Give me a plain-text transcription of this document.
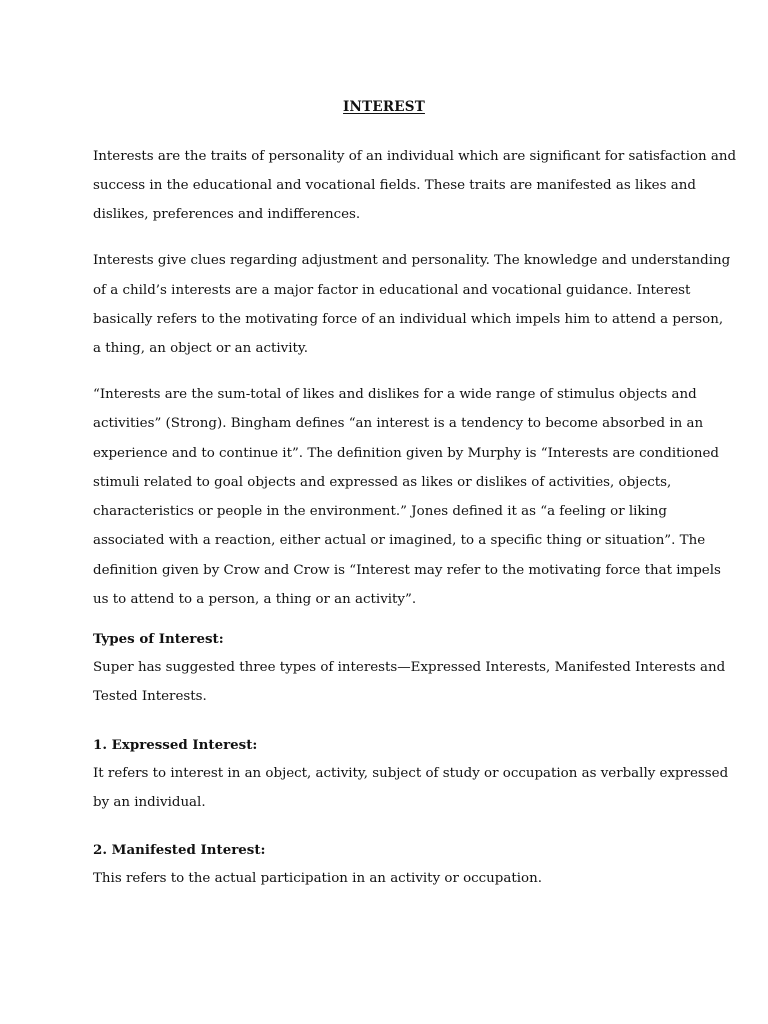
INTEREST
Interests are the traits of personality of an individual which are significant for satisfaction and
success in the educational and vocational fields. These traits are manifested as likes and
dislikes, preferences and indifferences.
Interests give clues regarding adjustment and personality. The knowledge and understanding
of a child’s interests are a major factor in educational and vocational guidance. Interest
basically refers to the motivating force of an individual which impels him to attend a person,
a thing, an object or an activity.
“Interests are the sum-total of likes and dislikes for a wide range of stimulus objects and
activities” (Strong). Bingham defines “an interest is a tendency to become absorbed in an
experience and to continue it”. The definition given by Murphy is “Interests are conditioned
stimuli related to goal objects and expressed as likes or dislikes of activities, objects,
characteristics or people in the environment.” Jones defined it as “a feeling or liking
associated with a reaction, either actual or imagined, to a specific thing or situation”. The
definition given by Crow and Crow is “Interest may refer to the motivating force that impels
us to attend to a person, a thing or an activity”.
Types of Interest:
Super has suggested three types of interests—Expressed Interests, Manifested Interests and
Tested Interests.
1. Expressed Interest:
It refers to interest in an object, activity, subject of study or occupation as verbally expressed
by an individual.
2. Manifested Interest:
This refers to the actual participation in an activity or occupation.
